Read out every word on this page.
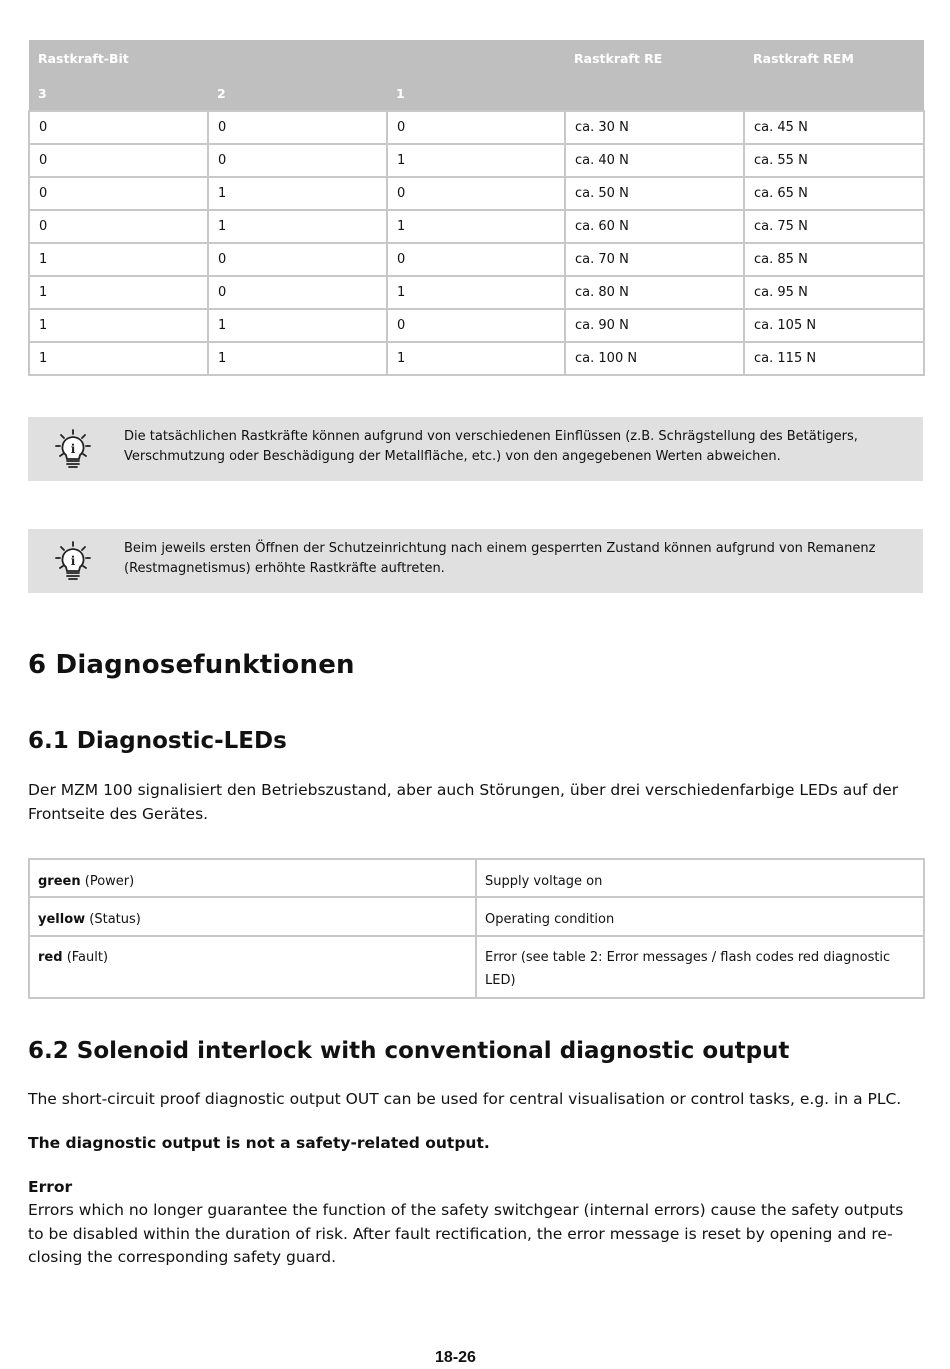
Rastkraft-Bit			Rastkraft RE	Rastkraft REM
3	2	1		
0	0	0	ca. 30 N	ca. 45 N
0	0	1	ca. 40 N	ca. 55 N
0	1	0	ca. 50 N	ca. 65 N
0	1	1	ca. 60 N	ca. 75 N
1	0	0	ca. 70 N	ca. 85 N
1	0	1	ca. 80 N	ca. 95 N
1	1	0	ca. 90 N	ca. 105 N
1	1	1	ca. 100 N	ca. 115 N
i
Die tatsächlichen Rastkräfte können aufgrund von verschiedenen Einflüssen (z.B. Schrägstellung des Betätigers, Verschmutzung oder Beschädigung der Metallfläche, etc.) von den angegebenen Werten abweichen.
i
Beim jeweils ersten Öffnen der Schutzeinrichtung nach einem gesperrten Zustand können aufgrund von Remanenz (Restmagnetismus) erhöhte Rastkräfte auftreten.
6 Diagnosefunktionen
6.1 Diagnostic-LEDs

Der MZM 100 signalisiert den Betriebszustand, aber auch Störungen, über drei verschiedenfarbige LEDs auf der Frontseite des Gerätes.

green (Power)	Supply voltage on
yellow (Status)	Operating condition
red (Fault)	Error (see table 2: Error messages / flash codes red diagnostic LED)
6.2 Solenoid interlock with conventional diagnostic output

The short-circuit proof diagnostic output OUT can be used for central visualisation or control tasks, e.g. in a PLC.

The diagnostic output is not a safety-related output.

Error

Errors which no longer guarantee the function of the safety switchgear (internal errors) cause the safety outputs to be disabled within the duration of risk. After fault rectification, the error message is reset by opening and re-closing the corresponding safety guard.

18-26
